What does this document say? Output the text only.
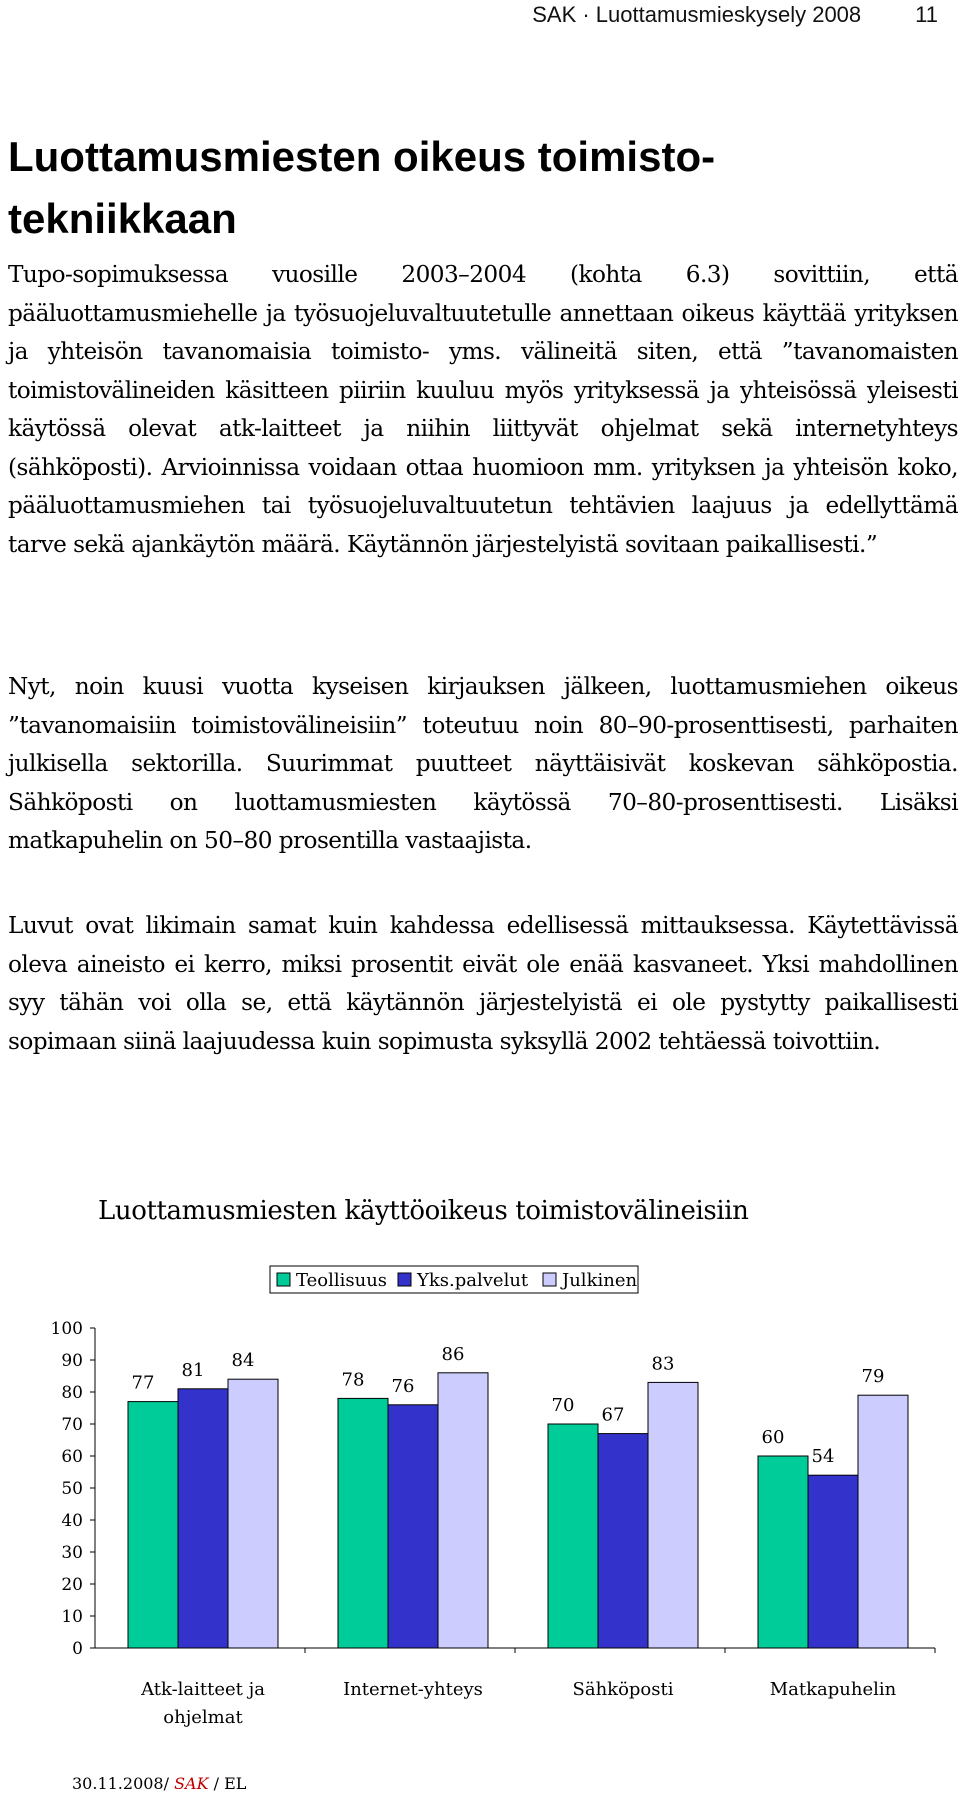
SAK · Luottamusmieskysely 2008 11
Luottamusmiesten oikeus toimisto-
tekniikkaan

Tupo-sopimuksessa vuosille 2003–2004 (kohta 6.3) sovittiin, että pääluottamusmiehelle ja työsuojeluvaltuutetulle annettaan oikeus käyttää yrityksen ja yhteisön tavanomaisia toimisto- yms. välineitä siten, että ”tavanomaisten toimistovälineiden käsitteen piiriin kuuluu myös yrityksessä ja yhteisössä yleisesti käytössä olevat atk-laitteet ja niihin liittyvät ohjelmat sekä internetyhteys (sähköposti). Arvioinnissa voidaan ottaa huomioon mm. yrityksen ja yhteisön koko, pääluottamusmiehen tai työsuojeluvaltuutetun tehtävien laajuus ja edellyttämä tarve sekä ajankäytön määrä. Käytännön järjestelyistä sovitaan paikallisesti.”

Nyt, noin kuusi vuotta kyseisen kirjauksen jälkeen, luottamusmiehen oikeus ”tavanomaisiin toimistovälineisiin” toteutuu noin 80–90-prosenttisesti, parhaiten julkisella sektorilla. Suurimmat puutteet näyttäisivät koskevan sähköpostia. Sähköposti on luottamusmiesten käytössä 70–80-prosenttisesti. Lisäksi matkapuhelin on 50–80 prosentilla vastaajista.

Luvut ovat likimain samat kuin kahdessa edellisessä mittauksessa. Käytettävissä oleva aineisto ei kerro, miksi prosentit eivät ole enää kasvaneet. Yksi mahdollinen syy tähän voi olla se, että käytännön järjestelyistä ei ole pystytty paikallisesti sopimaan siinä laajuudessa kuin sopimusta syksyllä 2002 tehtäessä toivottiin.

Luottamusmiesten käyttöoikeus toimistovälineisiin
Teollisuus Yks.palvelut Julkinen
0
10
20
30
40
50
60
70
80
90
100
77
81 84
Atk-laitteet ja
ohjelmat
78 76
86
Internet-yhteys
70 67
83
Sähköposti
60
54
79
Matkapuhelin
30.11.2008/ SAK / EL
